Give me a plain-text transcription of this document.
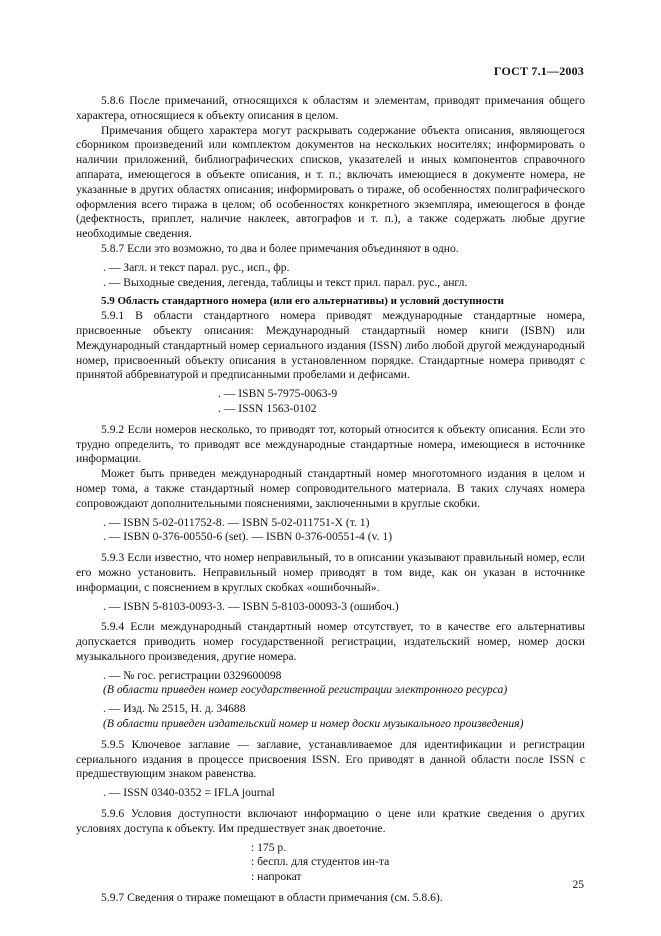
ГОСТ 7.1—2003

5.8.6 После примечаний, относящихся к областям и элементам, приводят примечания общего характера, относящиеся к объекту описания в целом.

Примечания общего характера могут раскрывать содержание объекта описания, являющегося сборником произведений или комплектом документов на нескольких носителях; информировать о наличии приложений, библиографических списков, указателей и иных компонентов справочного аппарата, имеющегося в объекте описания, и т. п.; включать имеющиеся в документе номера, не указанные в других областях описания; информировать о тираже, об особенностях полиграфического оформления всего тиража в целом; об особенностях конкретного экземпляра, имеющегося в фонде (дефектность, приплет, наличие наклеек, автографов и т. п.), а также содержать любые другие необходимые сведения.

5.8.7 Если это возможно, то два и более примечания объединяют в одно.

. — Загл. и текст парал. рус., исп., фр.

. — Выходные сведения, легенда, таблицы и текст прил. парал. рус., англ.

5.9 Область стандартного номера (или его альтернативы) и условий доступности

5.9.1 В области стандартного номера приводят международные стандартные номера, присвоенные объекту описания: Международный стандартный номер книги (ISBN) или Международный стандартный номер сериального издания (ISSN) либо любой другой международный номер, присвоенный объекту описания в установленном порядке. Стандартные номера приводят с принятой аббревиатурой и предписанными пробелами и дефисами.

. — ISBN 5-7975-0063-9

. — ISSN 1563-0102

5.9.2 Если номеров несколько, то приводят тот, который относится к объекту описания. Если это трудно определить, то приводят все международные стандартные номера, имеющиеся в источнике информации.

Может быть приведен международный стандартный номер многотомного издания в целом и номер тома, а также стандартный номер сопроводительного материала. В таких случаях номера сопровождают дополнительными пояснениями, заключенными в круглые скобки.

. — ISBN 5-02-011752-8. — ISBN 5-02-011751-X (т. 1)

. — ISBN 0-376-00550-6 (set). — ISBN 0-376-00551-4 (v. 1)

5.9.3 Если известно, что номер неправильный, то в описании указывают правильный номер, если его можно установить. Неправильный номер приводят в том виде, как он указан в источнике информации, с пояснением в круглых скобках «ошибочный».

. — ISBN 5-8103-0093-3. — ISBN 5-8103-00093-3 (ошибоч.)

5.9.4 Если международный стандартный номер отсутствует, то в качестве его альтернативы допускается приводить номер государственной регистрации, издательский номер, номер доски музыкального произведения, другие номера.

. — № гос. регистрации 0329600098

(В области приведен номер государственной регистрации электронного ресурса)

. — Изд. № 2515, Н. д. 34688

(В области приведен издательский номер и номер доски музыкального произведения)

5.9.5 Ключевое заглавие — заглавие, устанавливаемое для идентификации и регистрации сериального издания в процессе присвоения ISSN. Его приводят в данной области после ISSN с предшествующим знаком равенства.

. — ISSN 0340-0352 = IFLA journal

5.9.6 Условия доступности включают информацию о цене или краткие сведения о других условиях доступа к объекту. Им предшествует знак двоеточие.

: 175 р.

: беспл. для студентов ин-та

: напрокат

5.9.7 Сведения о тираже помещают в области примечания (см. 5.8.6).

25
